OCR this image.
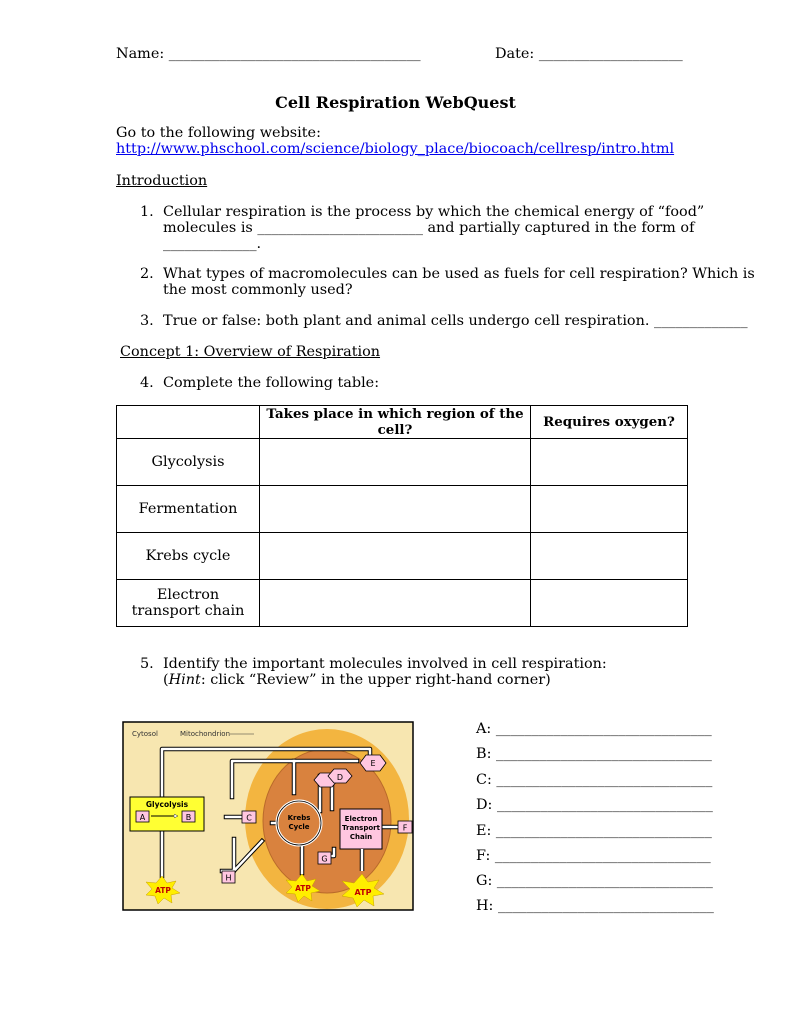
Name: ___________________________________	Date: ____________________
Cell Respiration WebQuest
Go to the following website:
http://www.phschool.com/science/biology_place/biocoach/cellresp/intro.html
Introduction
1. Cellular respiration is the process by which the chemical energy of “food”
molecules is _______________________ and partially captured in the form of
_____________.
2. What types of macromolecules can be used as fuels for cell respiration? Which is
the most commonly used?
3. True or false: both plant and animal cells undergo cell respiration. _____________
Concept 1: Overview of Respiration
4. Complete the following table:
	Takes place in which region of the cell?	Requires oxygen?
Glycolysis		
Fermentation		
Krebs cycle		
Electron transport chain		
5. Identify the important molecules involved in cell respiration:
(Hint: click “Review” in the upper right-hand corner)
Cytosol	Mitochondrion
Glycolysis
A	B	C	Krebs
Cycle
D
E
Electron
Transport
Chain
F
G
H
ATP	ATP	ATP
A: ______________________________
B: ______________________________
C: ______________________________
D: ______________________________
E: ______________________________
F: ______________________________
G: ______________________________
H: ______________________________
